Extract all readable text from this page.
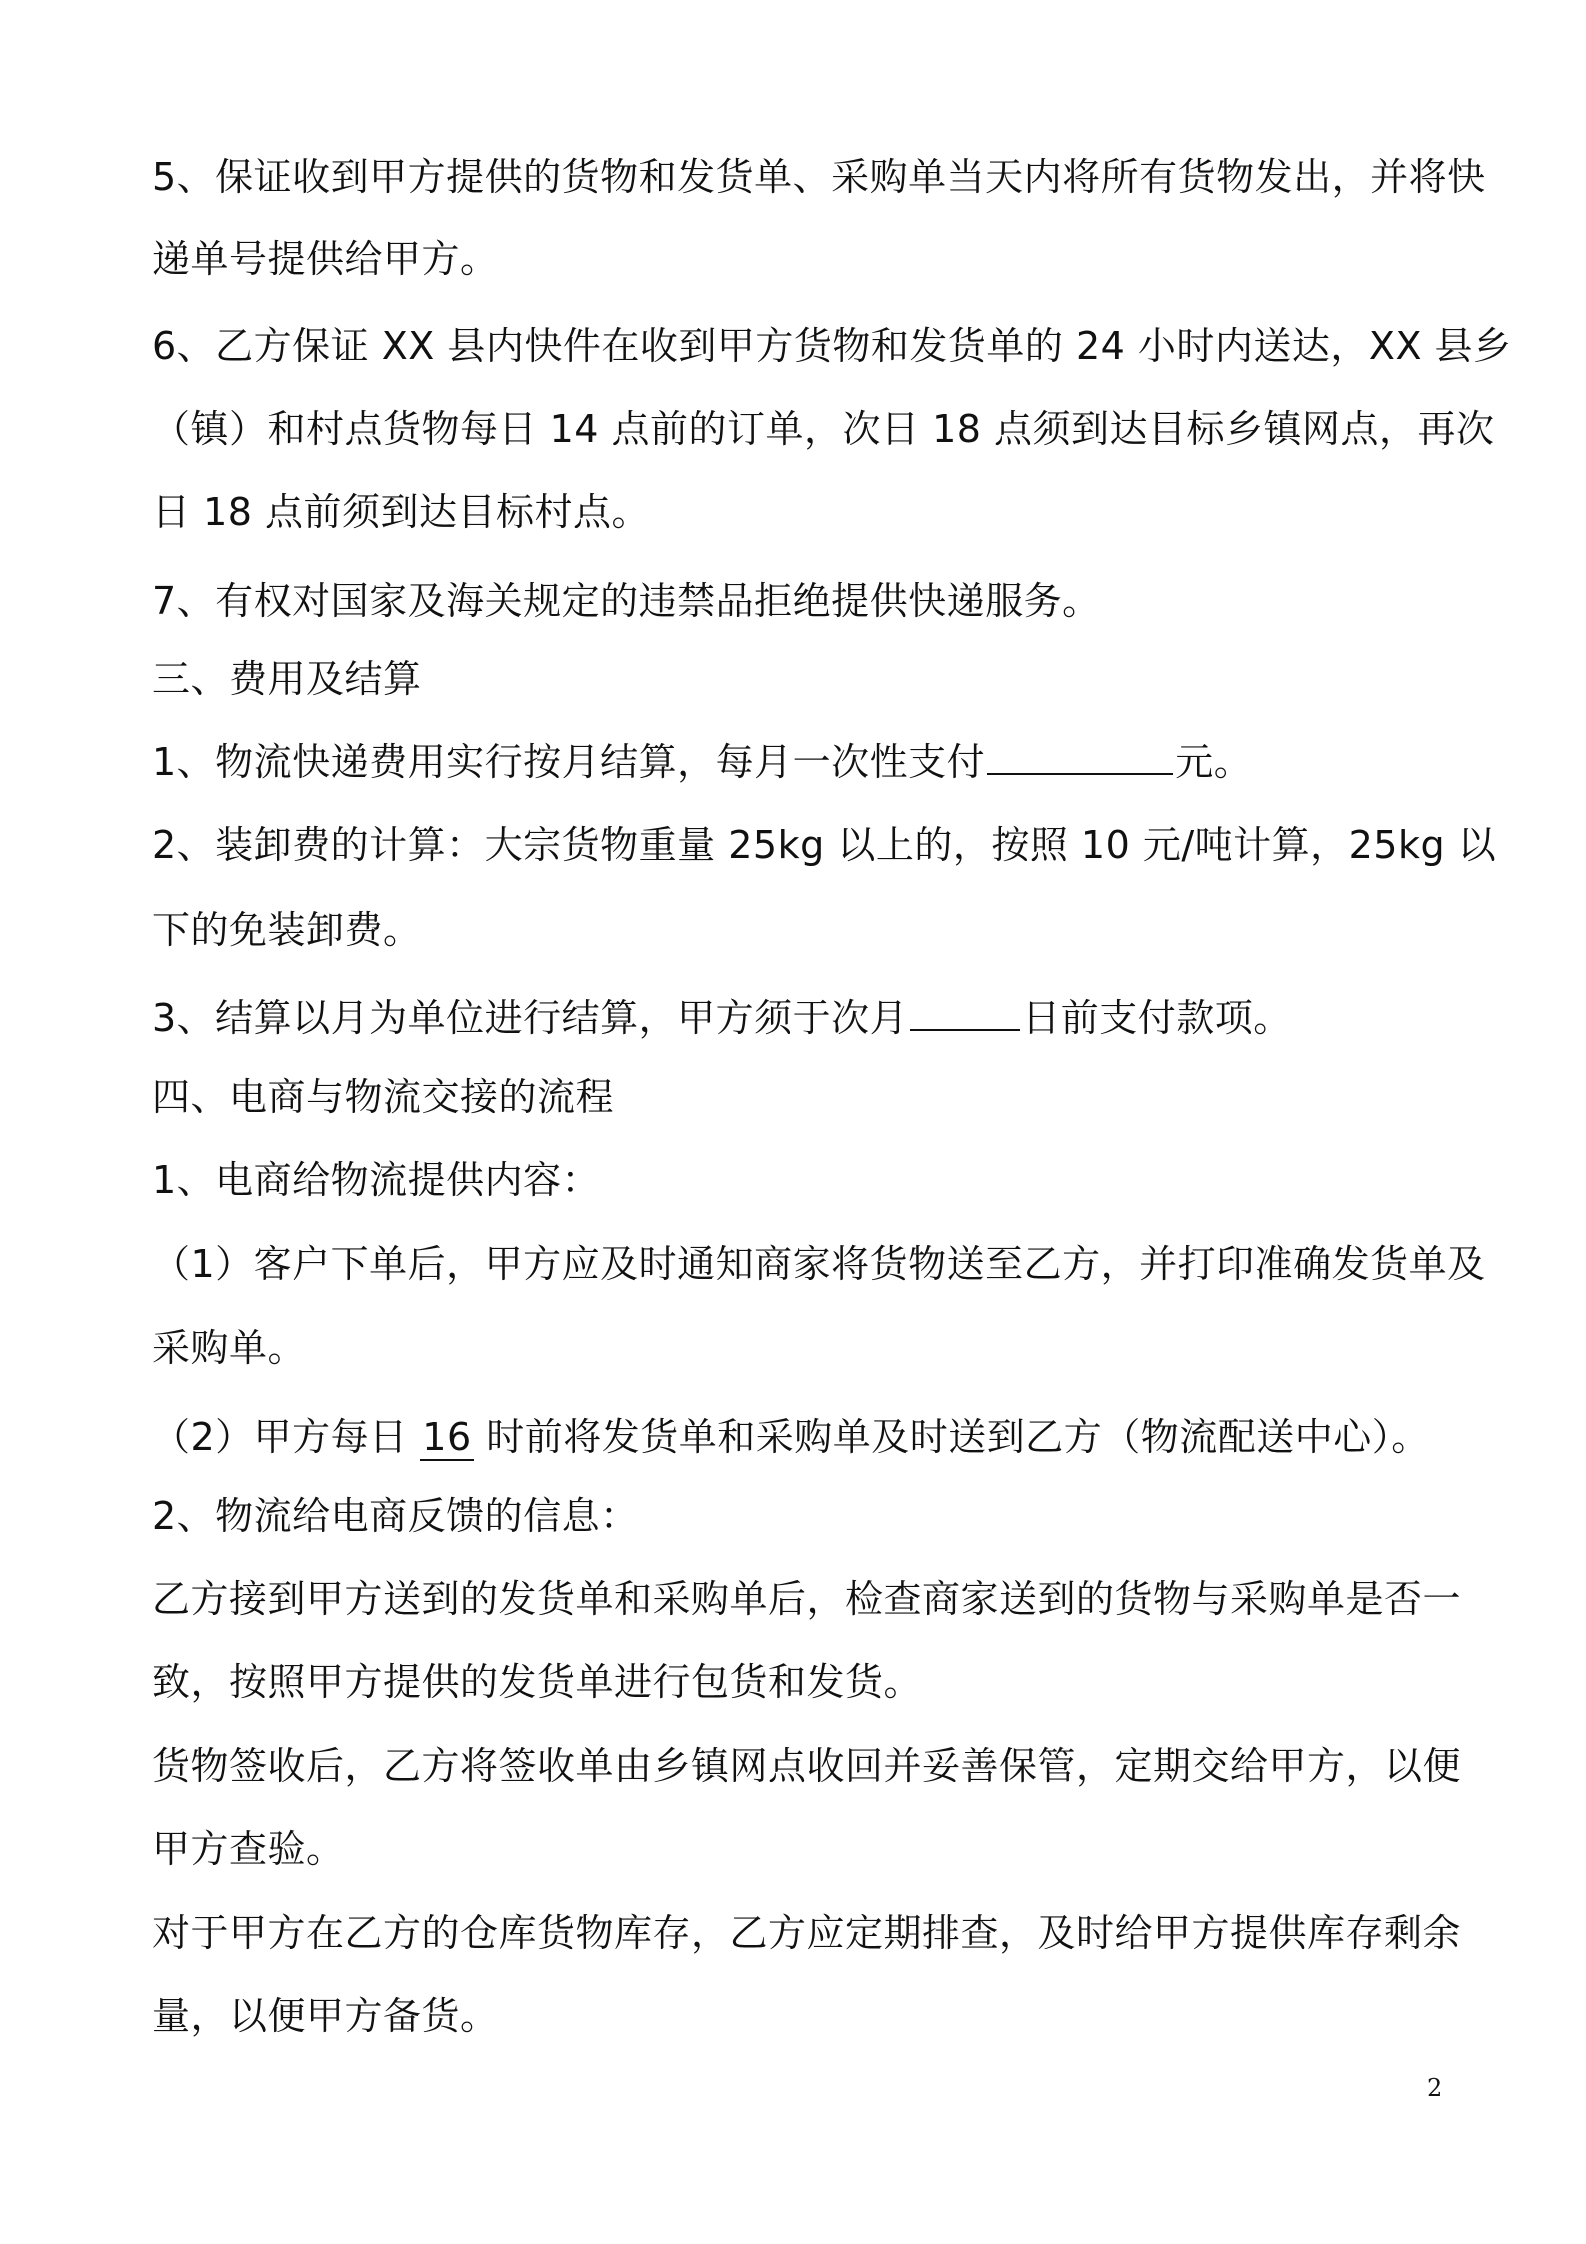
5、保证收到甲方提供的货物和发货单、采购单当天内将所有货物发出，并将快
递单号提供给甲方。
6、乙方保证 XX 县内快件在收到甲方货物和发货单的 24 小时内送达，XX 县乡
（镇）和村点货物每日 14 点前的订单，次日 18 点须到达目标乡镇网点，再次
日 18 点前须到达目标村点。
7、有权对国家及海关规定的违禁品拒绝提供快递服务。
三、费用及结算
1、物流快递费用实行按月结算，每月一次性支付	元。
2、装卸费的计算：大宗货物重量 25kg 以上的，按照 10 元/吨计算，25kg 以
下的免装卸费。
3、结算以月为单位进行结算，甲方须于次月	日前支付款项。
四、电商与物流交接的流程
1、电商给物流提供内容：
（1）客户下单后，甲方应及时通知商家将货物送至乙方，并打印准确发货单及
采购单。
（2）甲方每日 16 时前将发货单和采购单及时送到乙方（物流配送中心）。
2、物流给电商反馈的信息：
乙方接到甲方送到的发货单和采购单后，检查商家送到的货物与采购单是否一
致，按照甲方提供的发货单进行包货和发货。
货物签收后，乙方将签收单由乡镇网点收回并妥善保管，定期交给甲方，以便
甲方查验。
对于甲方在乙方的仓库货物库存，乙方应定期排查，及时给甲方提供库存剩余
量，以便甲方备货。
2
